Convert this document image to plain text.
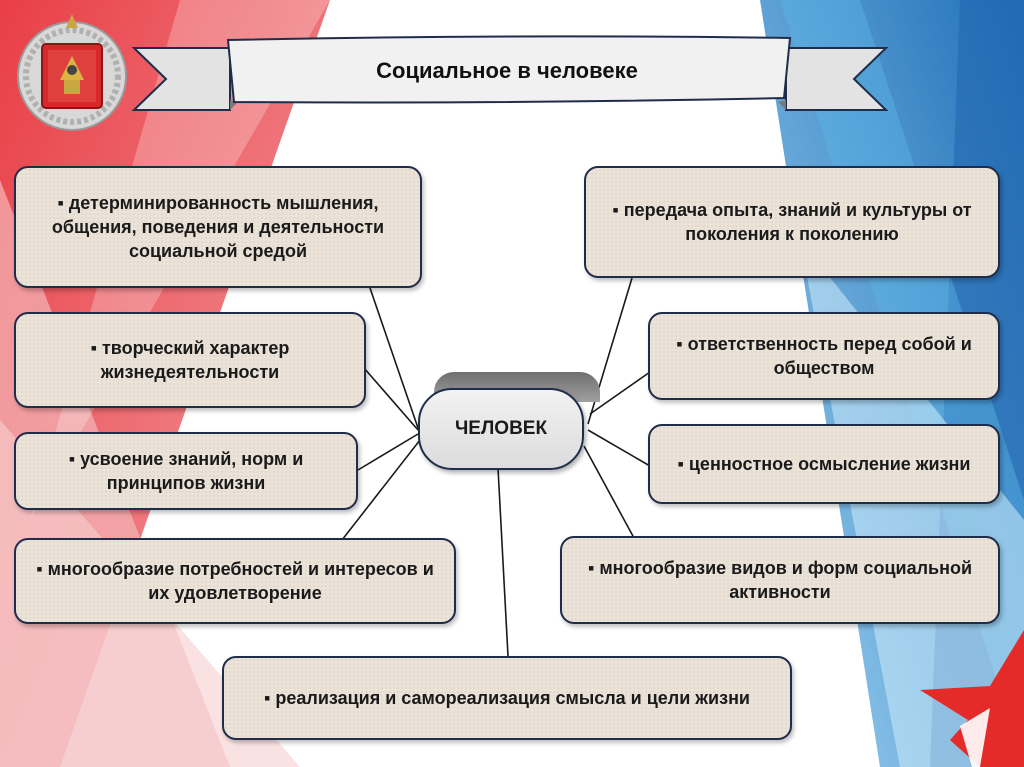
Социальное в человеке
▪ детерминированность мышления, общения, поведения и деятельности социальной средой
▪ творческий характер жизнедеятельности
▪ усвоение знаний, норм и принципов жизни
▪ многообразие потребностей и интересов и их удовлетворение
▪ передача опыта, знаний и культуры от поколения к поколению
▪ ответственность перед собой и обществом
▪ ценностное осмысление жизни
▪ многообразие видов и форм социальной активности
▪ реализация и самореализация смысла и цели жизни
ЧЕЛОВЕК
